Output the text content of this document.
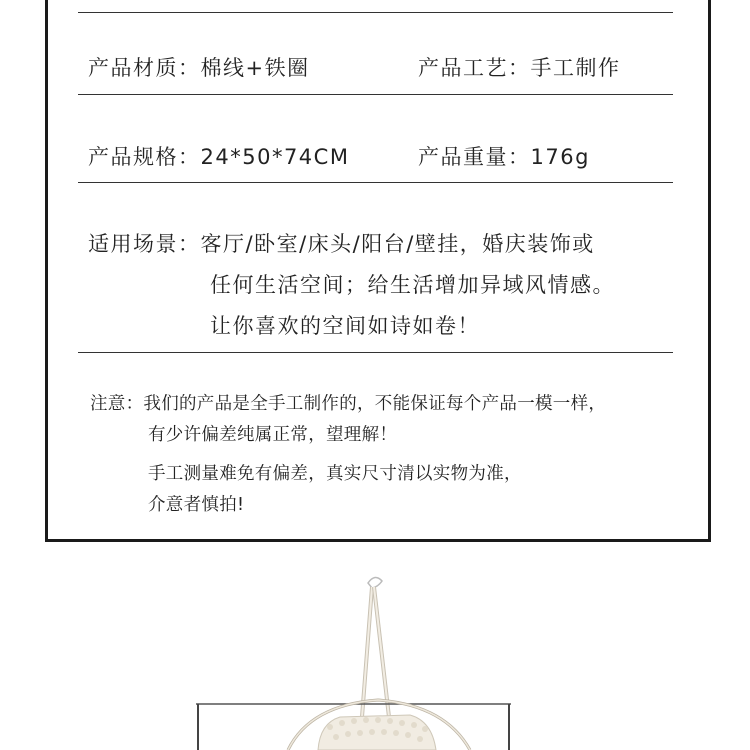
产品材质：棉线+铁圈	产品工艺：手工制作
产品规格：24*50*74CM	产品重量：176g
适用场景：客厅/卧室/床头/阳台/壁挂，婚庆装饰或
任何生活空间；给生活增加异域风情感。
让你喜欢的空间如诗如卷！
注意：我们的产品是全手工制作的，不能保证每个产品一模一样，
有少许偏差纯属正常，望理解！
手工测量难免有偏差，真实尺寸清以实物为准，
介意者慎拍!
